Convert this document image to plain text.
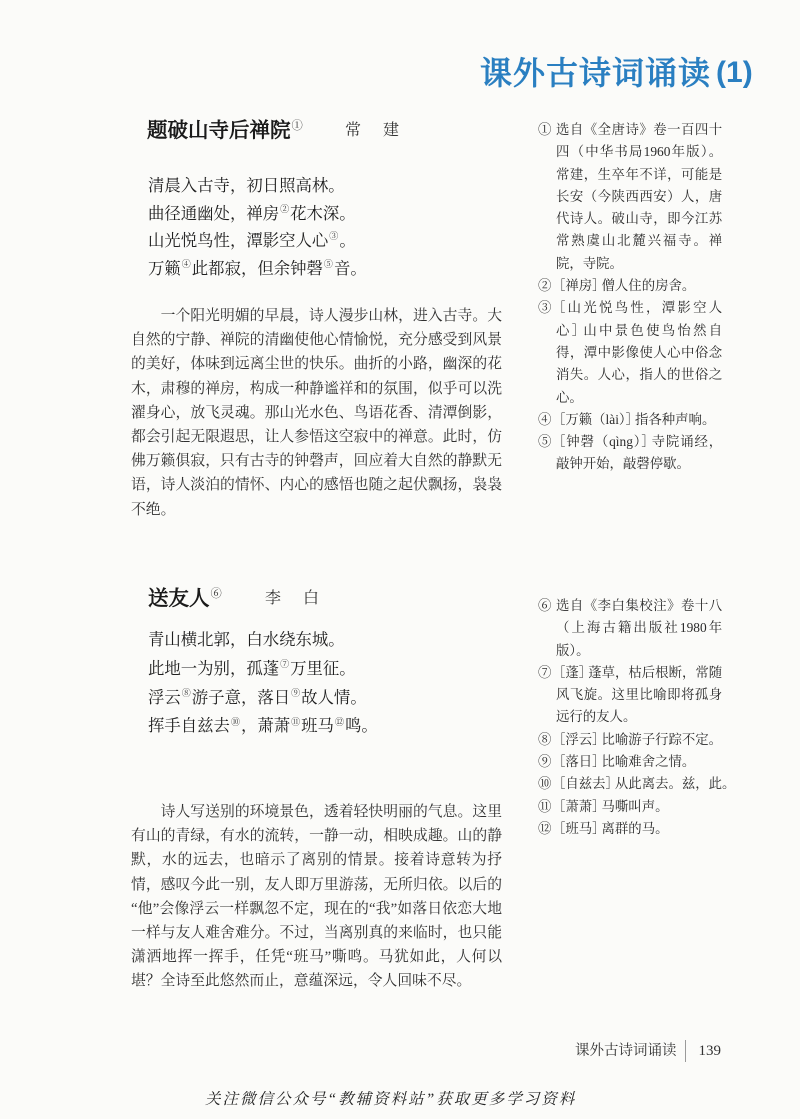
课外古诗词诵读 (1)
题破山寺后禅院①	常建
清晨入古寺，初日照高林。
曲径通幽处，禅房②花木深。
山光悦鸟性，潭影空人心③。
万籁④此都寂，但余钟磬⑤音。

一个阳光明媚的早晨，诗人漫步山林，进入古寺。大自然的宁静、禅院的清幽使他心情愉悦，充分感受到风景的美好，体味到远离尘世的快乐。曲折的小路，幽深的花木，肃穆的禅房，构成一种静谧祥和的氛围，似乎可以洗濯身心，放飞灵魂。那山光水色、鸟语花香、清潭倒影，都会引起无限遐思，让人参悟这空寂中的禅意。此时，仿佛万籁俱寂，只有古寺的钟磬声，回应着大自然的静默无语，诗人淡泊的情怀、内心的感悟也随之起伏飘扬，袅袅不绝。

① 选自《全唐诗》卷一百四十四（中华书局1960年版）。常建，生卒年不详，可能是长安（今陕西西安）人，唐代诗人。破山寺，即今江苏常熟虞山北麓兴福寺。禅院，寺院。
② ［禅房］僧人住的房舍。
③ ［山光悦鸟性，潭影空人心］山中景色使鸟怡然自得，潭中影像使人心中俗念消失。人心，指人的世俗之心。
④ ［万籁（lài）］指各种声响。
⑤ ［钟磬（qìng）］寺院诵经，敲钟开始，敲磬停歇。
送友人⑥	李白
青山横北郭，白水绕东城。
此地一为别，孤蓬⑦万里征。
浮云⑧游子意，落日⑨故人情。
挥手自兹去⑩，萧萧⑪班马⑫鸣。

诗人写送别的环境景色，透着轻快明丽的气息。这里有山的青绿，有水的流转，一静一动，相映成趣。山的静默，水的远去，也暗示了离别的情景。接着诗意转为抒情，感叹今此一别，友人即万里游荡，无所归依。以后的“他”会像浮云一样飘忽不定，现在的“我”如落日依恋大地一样与友人难舍难分。不过，当离别真的来临时，也只能潇洒地挥一挥手，任凭“班马”嘶鸣。马犹如此，人何以堪？全诗至此悠然而止，意蕴深远，令人回味不尽。

⑥ 选自《李白集校注》卷十八（上海古籍出版社1980年版）。
⑦ ［蓬］蓬草，枯后根断，常随风飞旋。这里比喻即将孤身远行的友人。
⑧ ［浮云］比喻游子行踪不定。
⑨ ［落日］比喻难舍之情。
⑩ ［自兹去］从此离去。兹，此。
⑪ ［萧萧］马嘶叫声。
⑫ ［班马］离群的马。
课外古诗词诵读 139
关注微信公众号“教辅资料站”获取更多学习资料
